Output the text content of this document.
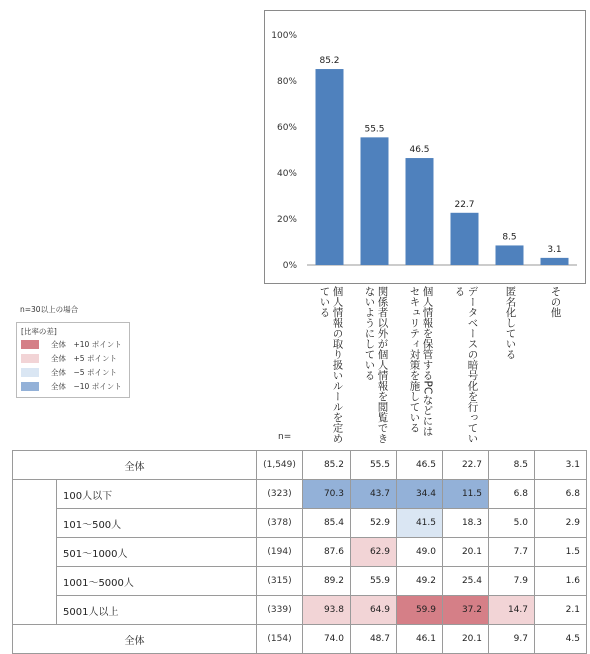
0%
20%
40%
60%
80%
100%
85.2
55.5
46.5
22.7
8.5
3.1
個人情報の取り扱いルールを定めている	関係者以外が個人情報を閲覧できないようにしている	個人情報を保管するPCなどにはセキュリティ対策を施している	データベースの暗号化を行っている	匿名化している	その他
n=30以上の場合
[比率の差]
全体　+10 ポイント
全体　+5 ポイント
全体　−5 ポイント
全体　−10 ポイント
n=
全体		(1,549)	85.2	55.5	46.5	22.7	8.5	3.1
	100人以下	(323)	70.3	43.7	34.4	11.5	6.8	6.8
	101〜500人	(378)	85.4	52.9	41.5	18.3	5.0	2.9
	501〜1000人	(194)	87.6	62.9	49.0	20.1	7.7	1.5
	1001〜5000人	(315)	89.2	55.9	49.2	25.4	7.9	1.6
	5001人以上	(339)	93.8	64.9	59.9	37.2	14.7	2.1
全体		(154)	74.0	48.7	46.1	20.1	9.7	4.5
